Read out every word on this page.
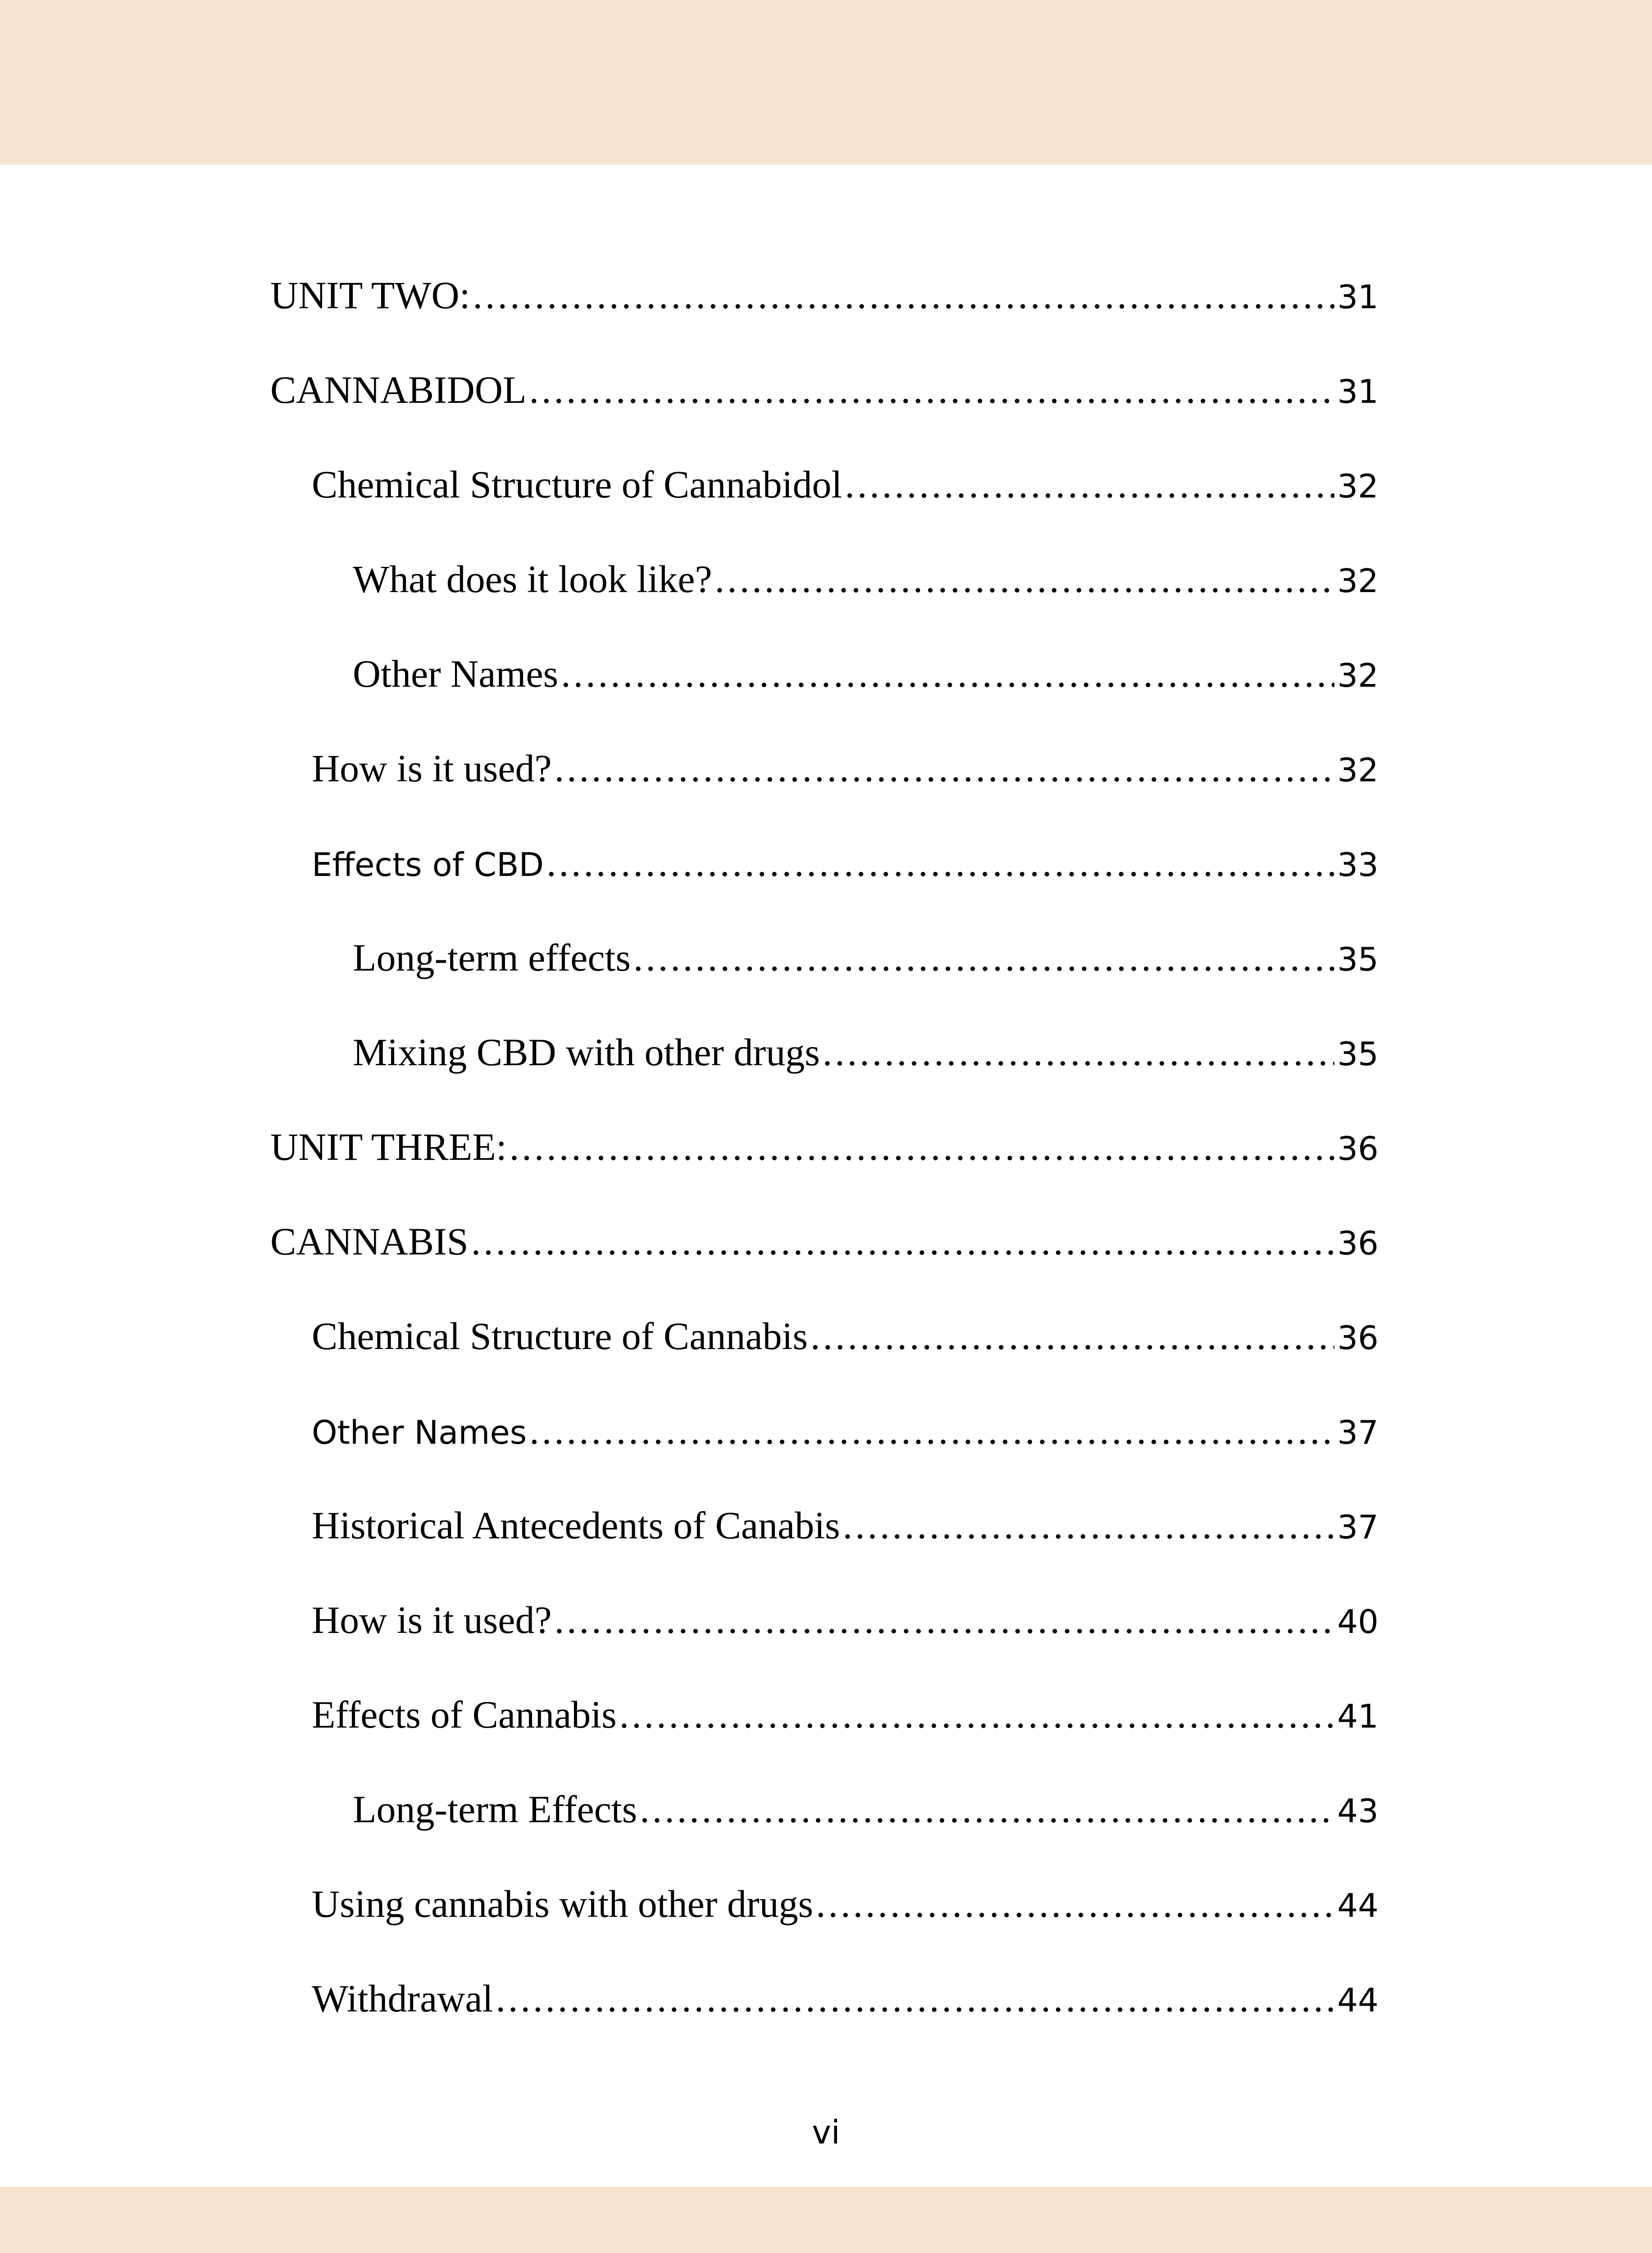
UNIT TWO: .....	31
CANNABIDOL .....	31
Chemical Structure of Cannabidol .....	32
What does it look like? .....	32
Other Names .....	32
How is it used? .....	32
Effects of CBD .....	33
Long-term effects .....	35
Mixing CBD with other drugs .....	35
UNIT THREE: .....	36
CANNABIS .....	36
Chemical Structure of Cannabis .....	36
Other Names .....	37
Historical Antecedents of Canabis .....	37
How is it used? .....	40
Effects of Cannabis .....	41
Long-term Effects .....	43
Using cannabis with other drugs .....	44
Withdrawal .....	44
vi
